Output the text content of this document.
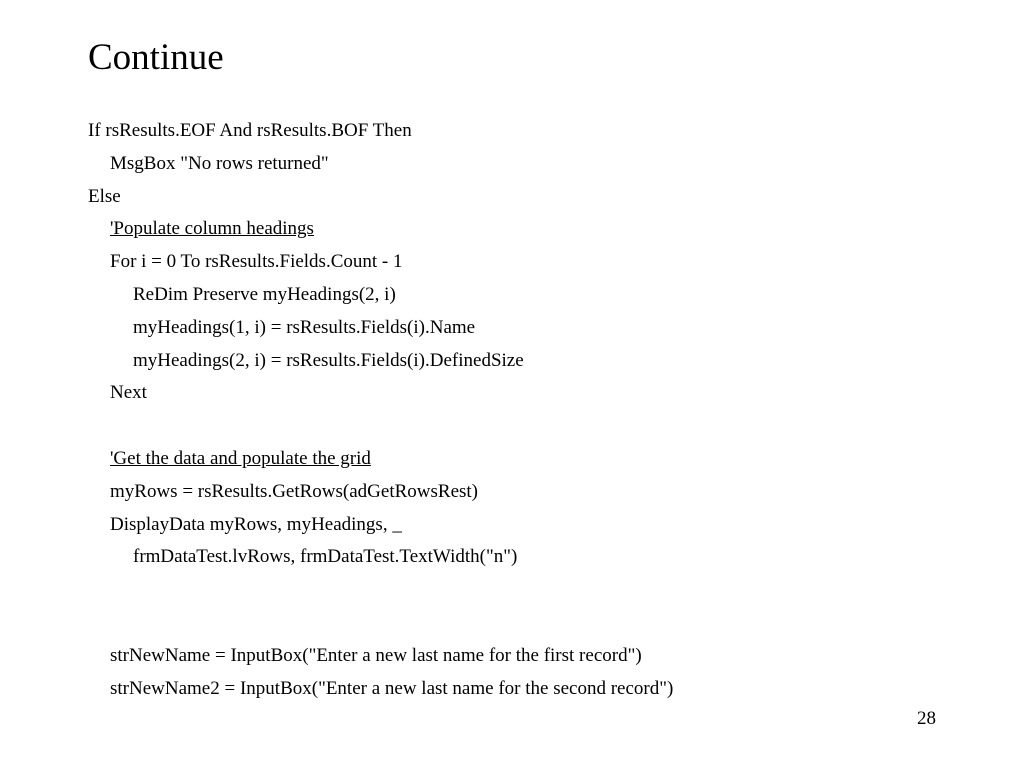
Continue
If rsResults.EOF And rsResults.BOF Then
MsgBox "No rows returned"
Else
'Populate column headings
For i = 0 To rsResults.Fields.Count - 1
ReDim Preserve myHeadings(2, i)
myHeadings(1, i) = rsResults.Fields(i).Name
myHeadings(2, i) = rsResults.Fields(i).DefinedSize
Next
'Get the data and populate the grid
myRows = rsResults.GetRows(adGetRowsRest)
DisplayData myRows, myHeadings, _
frmDataTest.lvRows, frmDataTest.TextWidth("n")
strNewName = InputBox("Enter a new last name for the first record")
strNewName2 = InputBox("Enter a new last name for the second record")
28
